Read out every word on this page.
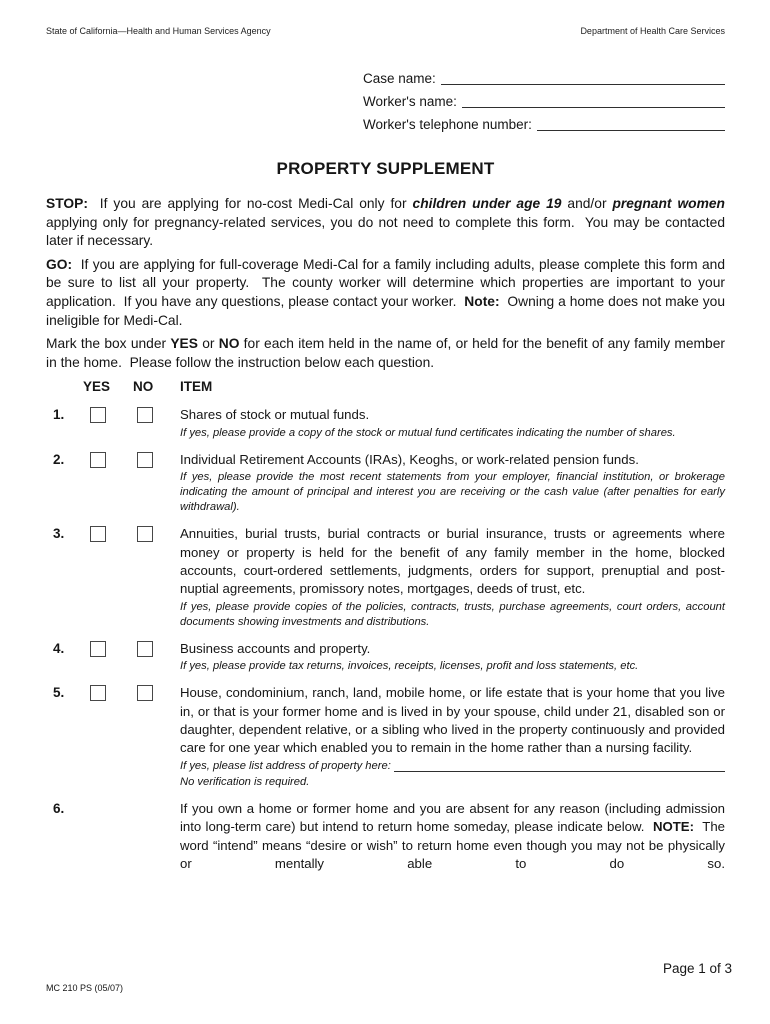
State of California—Health and Human Services Agency	Department of Health Care Services
Case name:
Worker's name:
Worker's telephone number:
PROPERTY SUPPLEMENT
STOP:  If you are applying for no-cost Medi-Cal only for children under age 19 and/or pregnant women applying only for pregnancy-related services, you do not need to complete this form.  You may be contacted later if necessary.
GO:  If you are applying for full-coverage Medi-Cal for a family including adults, please complete this form and be sure to list all your property.  The county worker will determine which properties are important to your application.  If you have any questions, please contact your worker.  Note:  Owning a home does not make you ineligible for Medi-Cal.
Mark the box under YES or NO for each item held in the name of, or held for the benefit of any family member in the home.  Please follow the instruction below each question.
YES NO ITEM
1.	Shares of stock or mutual funds.
If yes, please provide a copy of the stock or mutual fund certificates indicating the number of shares.
2.	Individual Retirement Accounts (IRAs), Keoghs, or work-related pension funds.
If yes, please provide the most recent statements from your employer, financial institution, or brokerage indicating the amount of principal and interest you are receiving or the cash value (after penalties for early withdrawal).
3.	Annuities, burial trusts, burial contracts or burial insurance, trusts or agreements where money or property is held for the benefit of any family member in the home, blocked accounts, court-ordered settlements, judgments, orders for support, prenuptial and post-nuptial agreements, promissory notes, mortgages, deeds of trust, etc.
If yes, please provide copies of the policies, contracts, trusts, purchase agreements, court orders, account documents showing investments and distributions.
4.	Business accounts and property.
If yes, please provide tax returns, invoices, receipts, licenses, profit and loss statements, etc.
5.	House, condominium, ranch, land, mobile home, or life estate that is your home that you live in, or that is your former home and is lived in by your spouse, child under 21, disabled son or daughter, dependent relative, or a sibling who lived in the property continuously and provided care for one year which enabled you to remain in the home rather than a nursing facility.
If yes, please list address of property here:
No verification is required.
6.	If you own a home or former home and you are absent for any reason (including admission into long-term care) but intend to return home someday, please indicate below.  NOTE:  The word “intend” means “desire or wish” to return home even though you may not be physically or mentally able to do so.
Page 1 of 3
MC 210 PS (05/07)
